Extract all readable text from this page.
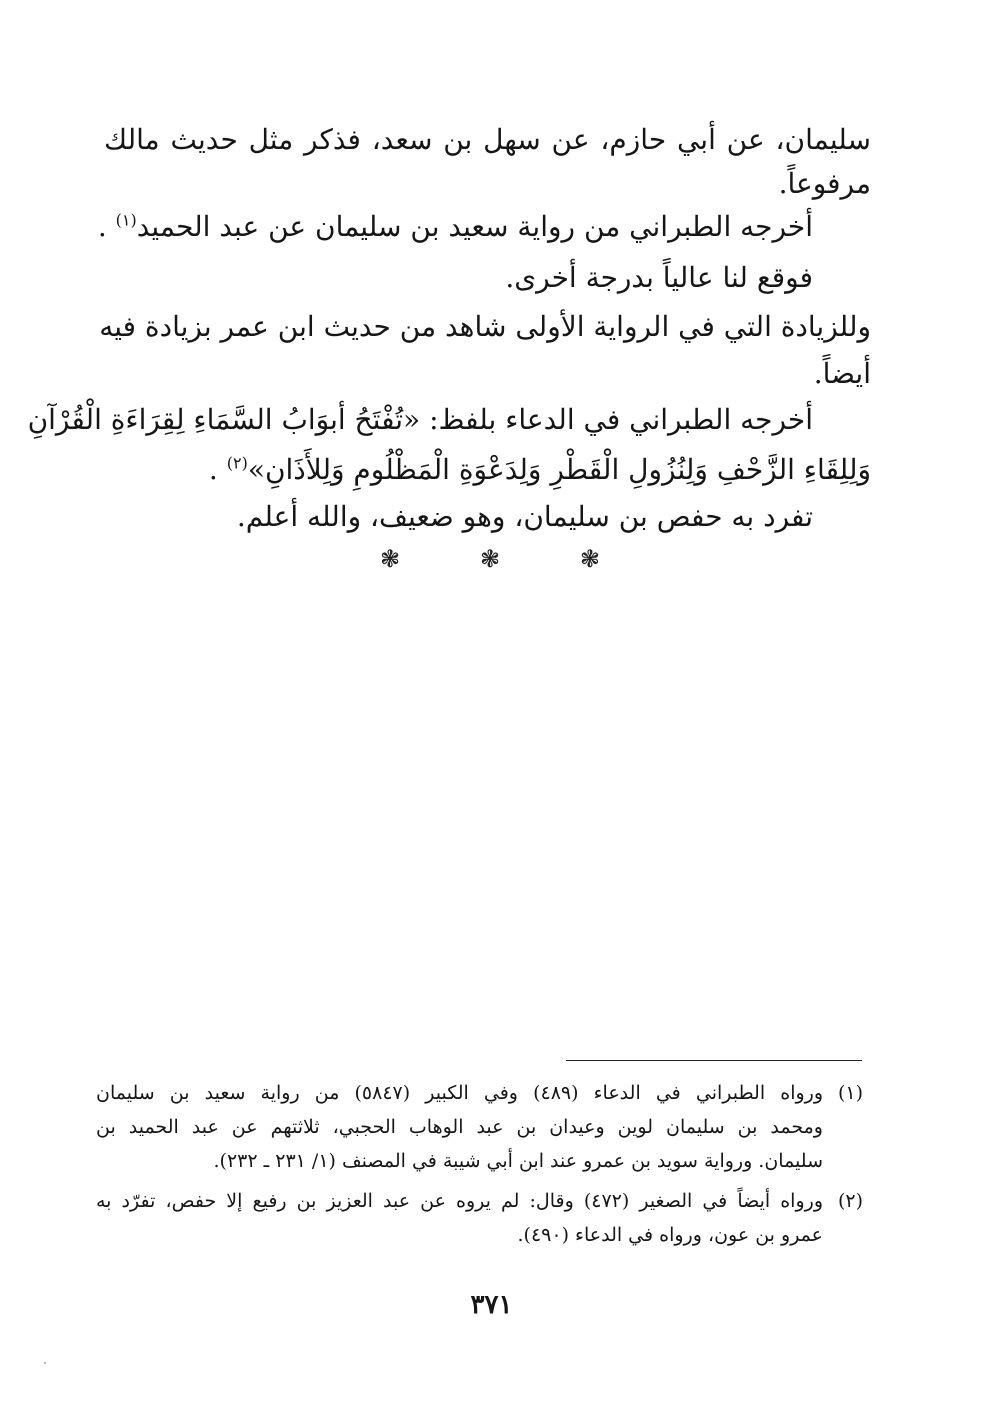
سليمان، عن أبي حازم، عن سهل بن سعد، فذكر مثل حديث مالك
مرفوعاً.
أخرجه الطبراني من رواية سعيد بن سليمان عن عبد الحميد$^{(١)}$ .
فوقع لنا عالياً بدرجة أخرى.
وللزيادة التي في الرواية الأولى شاهد من حديث ابن عمر بزيادة فيه
أيضاً.
أخرجه الطبراني في الدعاء بلفظ: «تُفْتَحُ أبوَابُ السَّمَاءِ لِقِرَاءَةِ الْقُرْآنِ
وَلِلِقَاءِ الزَّحْفِ وَلِنُزُولِ الْقَطْرِ وَلِدَعْوَةِ الْمَظْلُومِ وَلِلأَذَانِ»$^{(٢)}$ .
تفرد به حفص بن سليمان، وهو ضعيف، والله أعلم.
❃	❃	❃
(١)
ورواه الطبراني في الدعاء (٤٨٩) وفي الكبير (٥٨٤٧) من رواية سعيد بن سليمان
ومحمد بن سليمان لوين وعيدان بن عبد الوهاب الحجبي، ثلاثتهم عن عبد الحميد بن
سليمان. ورواية سويد بن عمرو عند ابن أبي شيبة في المصنف (١/ ٢٣١ ـ ٢٣٢).
(٢)
ورواه أيضاً في الصغير (٤٧٢) وقال: لم يروه عن عبد العزيز بن رفيع إلا حفص، تفرّد به
عمرو بن عون، ورواه في الدعاء (٤٩٠).
٣٧١
